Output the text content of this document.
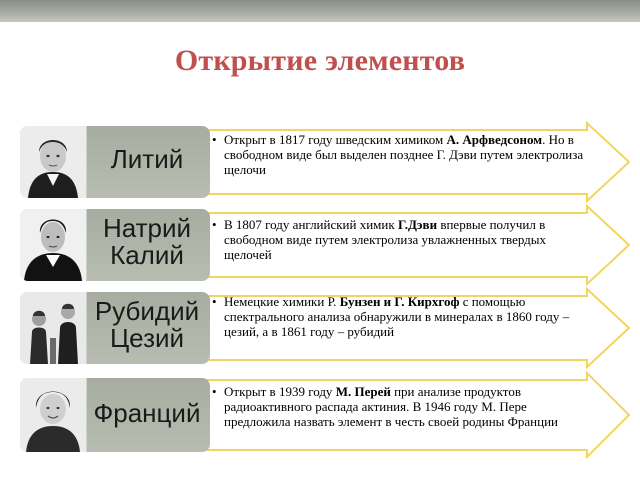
Открытие элементов
Литий
• Открыт в 1817 году шведским химиком А. Арфведсоном. Но в свободном виде был выделен позднее Г. Дэви путем электролиза щелочи
Натрий
Калий
• В 1807 году английский химик Г.Дэви впервые получил в свободном виде путем электролиза увлажненных твердых щелочей
Рубидий
Цезий
• Немецкие химики Р. Бунзен и Г. Кирхгоф с помощью спектрального анализа обнаружили в минералах в 1860 году – цезий, а в 1861 году – рубидий
Франций
• Открыт в 1939 году М. Перей при анализе продуктов радиоактивного распада актиния. В 1946 году М. Пере предложила назвать элемент в честь своей родины Франции
